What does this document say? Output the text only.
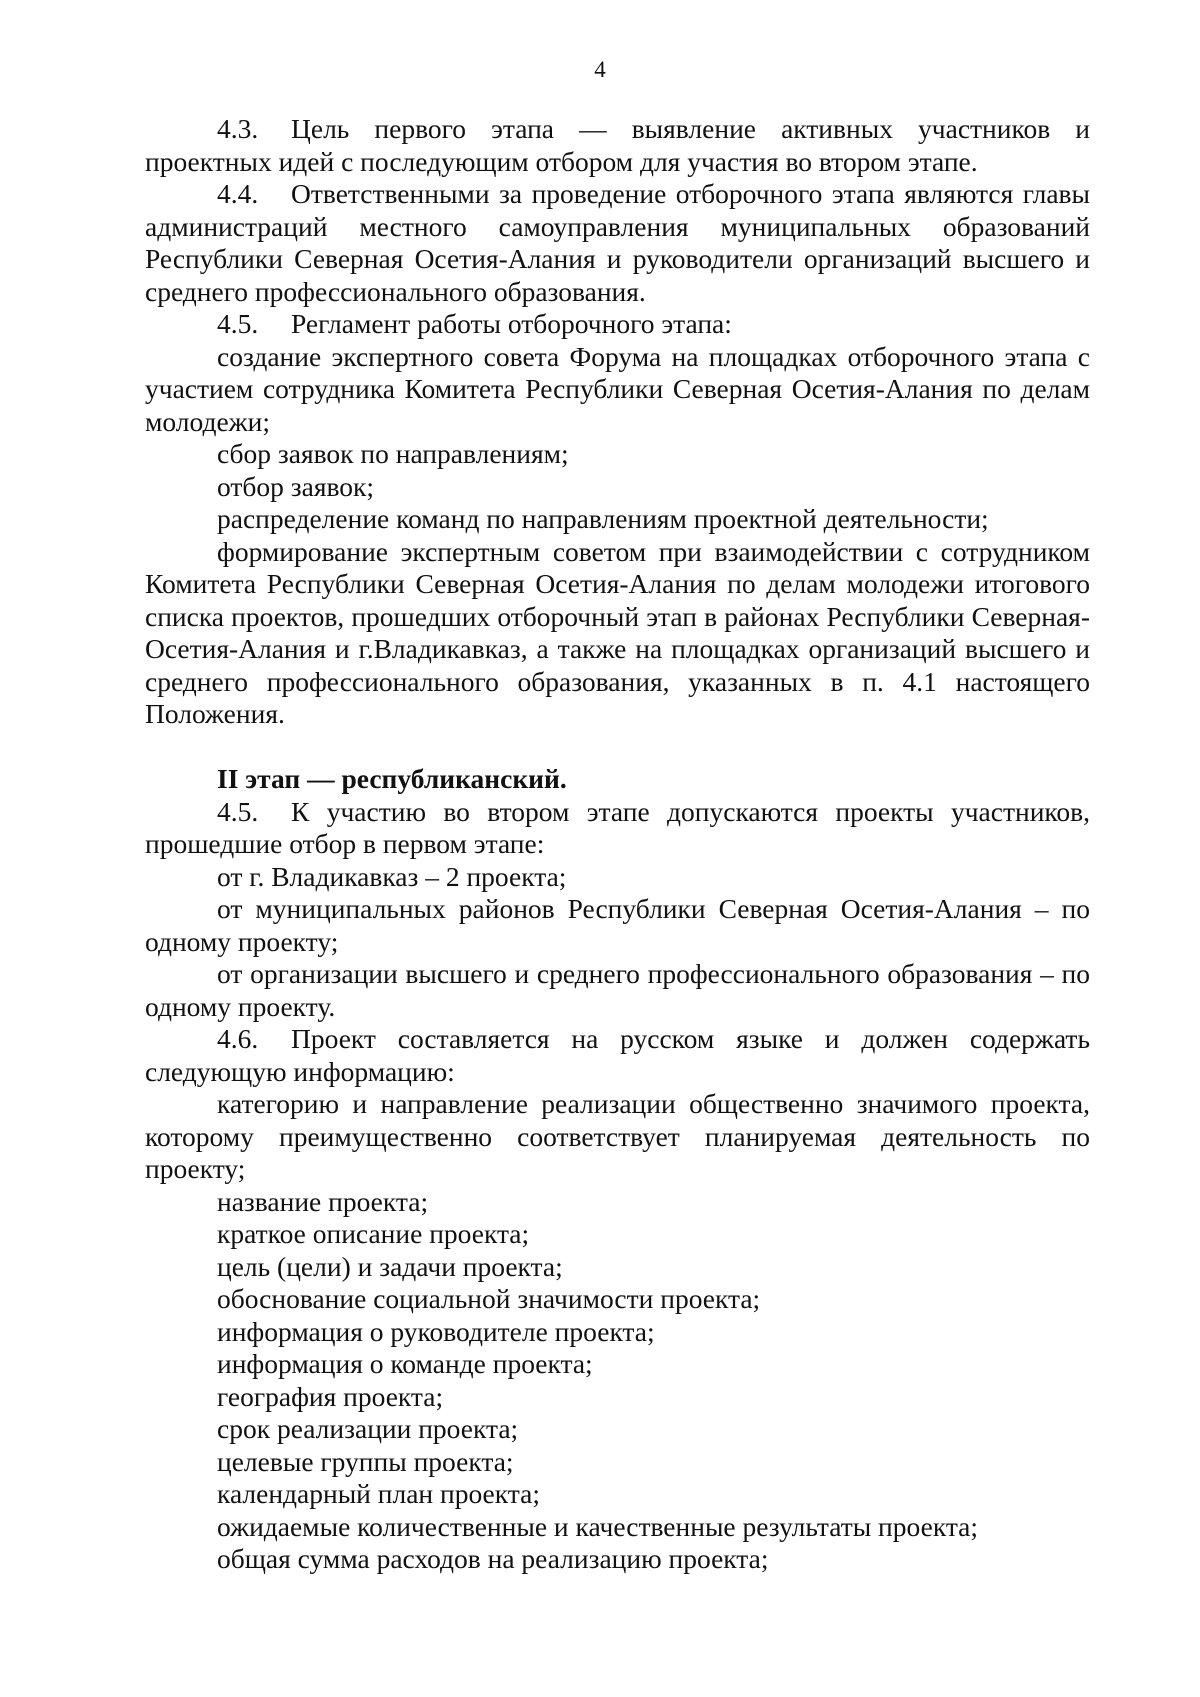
4

4.3. Цель первого этапа — выявление активных участников и проектных идей с последующим отбором для участия во втором этапе.

4.4. Ответственными за проведение отборочного этапа являются главы администраций местного самоуправления муниципальных образований Республики Северная Осетия-Алания и руководители организаций высшего и среднего профессионального образования.

4.5. Регламент работы отборочного этапа:

создание экспертного совета Форума на площадках отборочного этапа с участием сотрудника Комитета Республики Северная Осетия-Алания по делам молодежи;

сбор заявок по направлениям;

отбор заявок;

распределение команд по направлениям проектной деятельности;

формирование экспертным советом при взаимодействии с сотрудником Комитета Республики Северная Осетия-Алания по делам молодежи итогового списка проектов, прошедших отборочный этап в районах Республики Северная-Осетия-Алания и г.Владикавказ, а также на площадках организаций высшего и среднего профессионального образования, указанных в п. 4.1 настоящего Положения.

II этап — республиканский.

4.5. К участию во втором этапе допускаются проекты участников, прошедшие отбор в первом этапе:

от г. Владикавказ – 2 проекта;

от муниципальных районов Республики Северная Осетия-Алания – по одному проекту;

от организации высшего и среднего профессионального образования – по одному проекту.

4.6. Проект составляется на русском языке и должен содержать следующую информацию:

категорию и направление реализации общественно значимого проекта, которому преимущественно соответствует планируемая деятельность по проекту;

название проекта;

краткое описание проекта;

цель (цели) и задачи проекта;

обоснование социальной значимости проекта;

информация о руководителе проекта;

информация о команде проекта;

география проекта;

срок реализации проекта;

целевые группы проекта;

календарный план проекта;

ожидаемые количественные и качественные результаты проекта;

общая сумма расходов на реализацию проекта;
